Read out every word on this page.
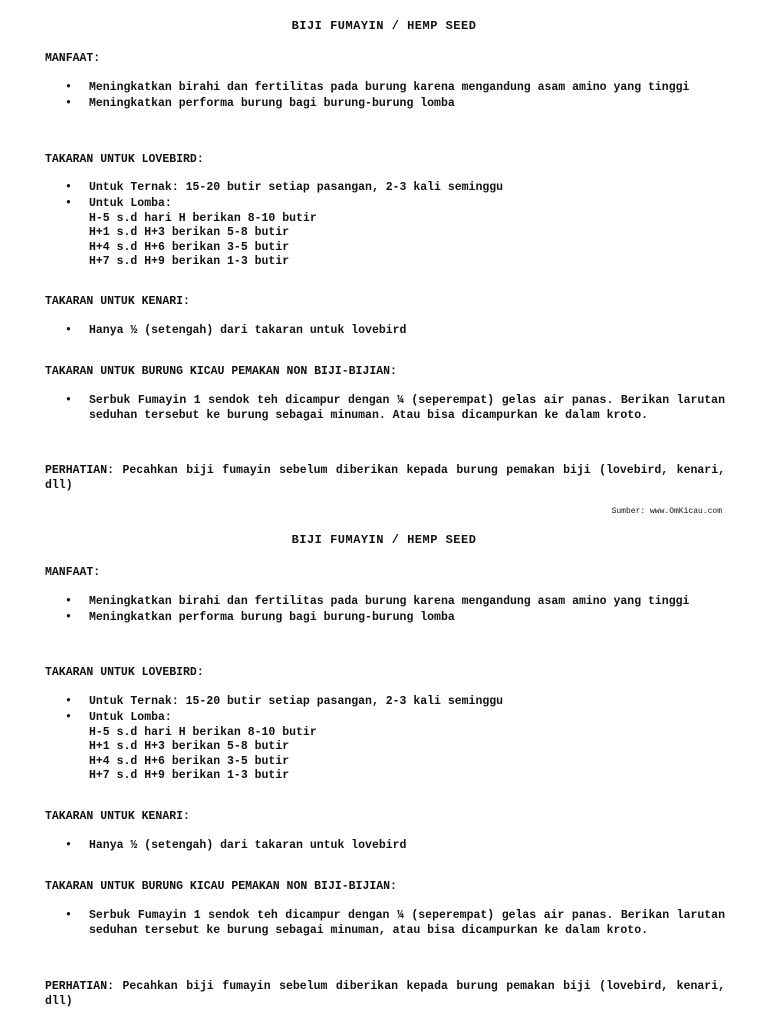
BIJI FUMAYIN / HEMP SEED
MANFAAT:
• Meningkatkan birahi dan fertilitas pada burung karena mengandung asam amino yang tinggi
• Meningkatkan performa burung bagi burung-burung lomba
TAKARAN UNTUK LOVEBIRD:
• Untuk Ternak: 15-20 butir setiap pasangan, 2-3 kali seminggu
• Untuk Lomba:
H-5 s.d hari H berikan 8-10 butir
H+1 s.d H+3 berikan 5-8 butir
H+4 s.d H+6 berikan 3-5 butir
H+7 s.d H+9 berikan 1-3 butir
TAKARAN UNTUK KENARI:
• Hanya ½ (setengah) dari takaran untuk lovebird
TAKARAN UNTUK BURUNG KICAU PEMAKAN NON BIJI-BIJIAN:
• Serbuk Fumayin 1 sendok teh dicampur dengan ¼ (seperempat) gelas air panas. Berikan larutan seduhan tersebut ke burung sebagai minuman. Atau bisa dicampurkan ke dalam kroto.
PERHATIAN: Pecahkan biji fumayin sebelum diberikan kepada burung pemakan biji (lovebird, kenari, dll)
Sumber: www.OmKicau.com
BIJI FUMAYIN / HEMP SEED
MANFAAT:
• Meningkatkan birahi dan fertilitas pada burung karena mengandung asam amino yang tinggi
• Meningkatkan performa burung bagi burung-burung lomba
TAKARAN UNTUK LOVEBIRD:
• Untuk Ternak: 15-20 butir setiap pasangan, 2-3 kali seminggu
• Untuk Lomba:
H-5 s.d hari H berikan 8-10 butir
H+1 s.d H+3 berikan 5-8 butir
H+4 s.d H+6 berikan 3-5 butir
H+7 s.d H+9 berikan 1-3 butir
TAKARAN UNTUK KENARI:
• Hanya ½ (setengah) dari takaran untuk lovebird
TAKARAN UNTUK BURUNG KICAU PEMAKAN NON BIJI-BIJIAN:
• Serbuk Fumayin 1 sendok teh dicampur dengan ¼ (seperempat) gelas air panas. Berikan larutan seduhan tersebut ke burung sebagai minuman, atau bisa dicampurkan ke dalam kroto.
PERHATIAN: Pecahkan biji fumayin sebelum diberikan kepada burung pemakan biji (lovebird, kenari, dll)
